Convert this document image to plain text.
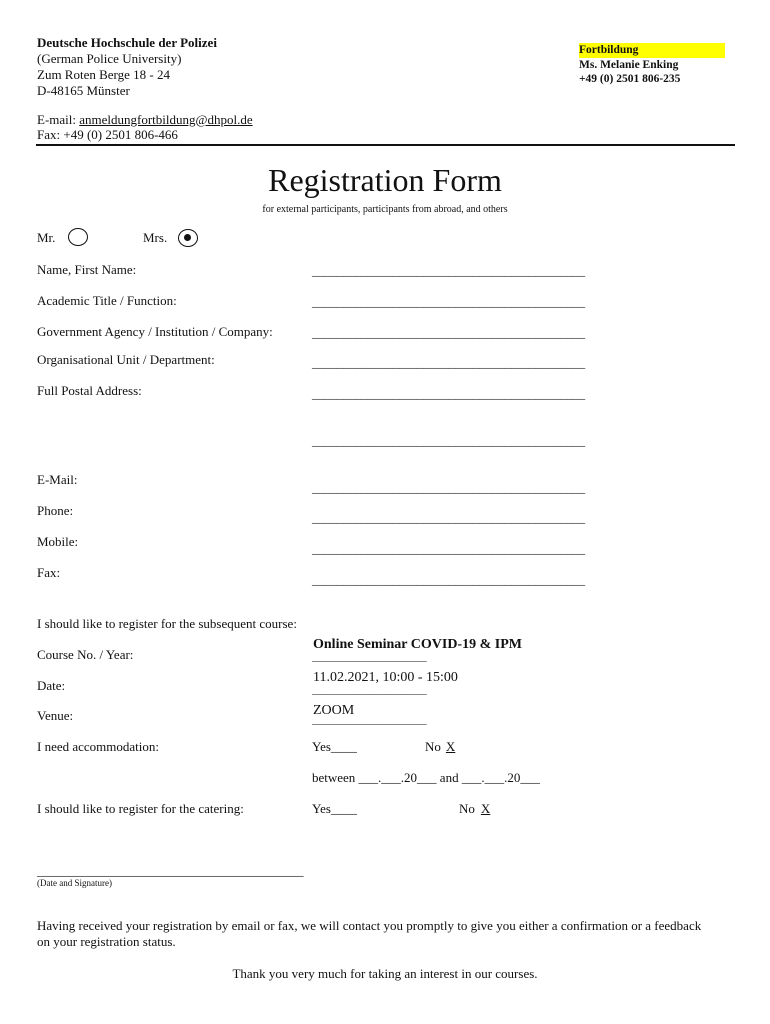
Deutsche Hochschule der Polizei
(German Police University)
Zum Roten Berge 18 - 24
D-48165 Münster
Fortbildung
Ms. Melanie Enking
+49 (0) 2501 806-235
E-mail: anmeldungfortbildung@dhpol.de
Fax: +49 (0) 2501 806-466
Registration Form
for external participants, participants from abroad, and others
Mr.	Mrs.
Name, First Name:	____________________________________________
Academic Title / Function:	____________________________________________
Government Agency / Institution / Company:	____________________________________________
Organisational Unit / Department:	____________________________________________
Full Postal Address:	____________________________________________
____________________________________________
E-Mail:
____________________________________________
Phone:	____________________________________________
Mobile:	____________________________________________
Fax:	____________________________________________
I should like to register for the subsequent course:
Course No. / Year:
Online Seminar COVID-19 & IPM
______________________
Date:
11.02.2021, 10:00 - 15:00
______________________
Venue:	ZOOM
______________________
I need accommodation:	Yes____	No X
between ___.___.20___ and ___.___.20___
I should like to register for the catering:	Yes____	No X
_________________________________________
(Date and Signature)
Having received your registration by email or fax, we will contact you promptly to give you either a confirmation or a feedback on your registration status.
Thank you very much for taking an interest in our courses.
